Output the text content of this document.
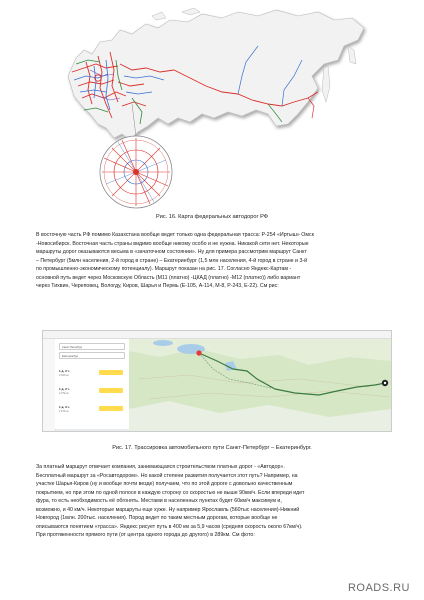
Рис. 16. Карта федеральных автодорог РФ
В восточную часть РФ помимо Казахстана вообще ведет только одна федеральная трасса: Р-254 «Иртыш» Омск
-Новосибирск. Восточная часть страны видимо вообще никому особо и не нужна. Никакой сети нет. Некоторые
маршруты дорог оказываются весьма в «зачаточном состоянии». Ну для примера рассмотрим маршрут Санкт
– Петербург (5млн населения, 2-й город в стране) – Екатеринбург (1,5 млн населения, 4-й город в стране и 3-й
по промышленно-экономическому потенциалу). Маршрут показан на рис. 17. Согласно Яндекс-Картам -
основной путь ведет через Московскую Область (М11 (платно) -ЦКАД (платно) -М12 (платно)) либо вариант
через Тихвин, Череповец, Вологду, Киров, Шарья и Пермь (Е-105, А-114, М-8, Р-243, Е-22). См рис:
Санкт-Петербург
Екатеринбург
1 д. 2 ч
2 183 км
1 д. 2 ч
2 279 км
1 д. 3 ч
2 273 км
Рис. 17. Трассировка автомобильного пути Санкт-Петербург – Екатеринбург.
За платный маршрут отвечает компания, занимающаяся строительством платных дорог - «Автодор».
Бесплатный маршрут за «Росавтодором». Но какой степени развития получается этот путь? Например, на
участке Шарья-Киров (ну и вообще почти везде) получаем, что по этой дороге с довольно качественным
покрытием, но при этом по одной полосе в каждую сторону со скоростью не выше 90км/ч. Если впереди идет
фура, то есть необходимость её обгонять. Местами в населенных пунктах будет 60км/ч максимум и,
возможно, и 40 км/ч. Некоторые маршруты еще хуже. Ну например Ярославль (560тыс населения)-Нижний
Новгород (1млн. 200тыс. населения). Пород ведет по таким местным дорогам, которые вообще не
описываются понятием «трасса». Яндекс рисует путь в 400 км за 5,9 часов (средняя скорость около 67км/ч).
При протяженности прямого пути (от центра одного города до другого) в 289км. См фото:
ROADS.RU
